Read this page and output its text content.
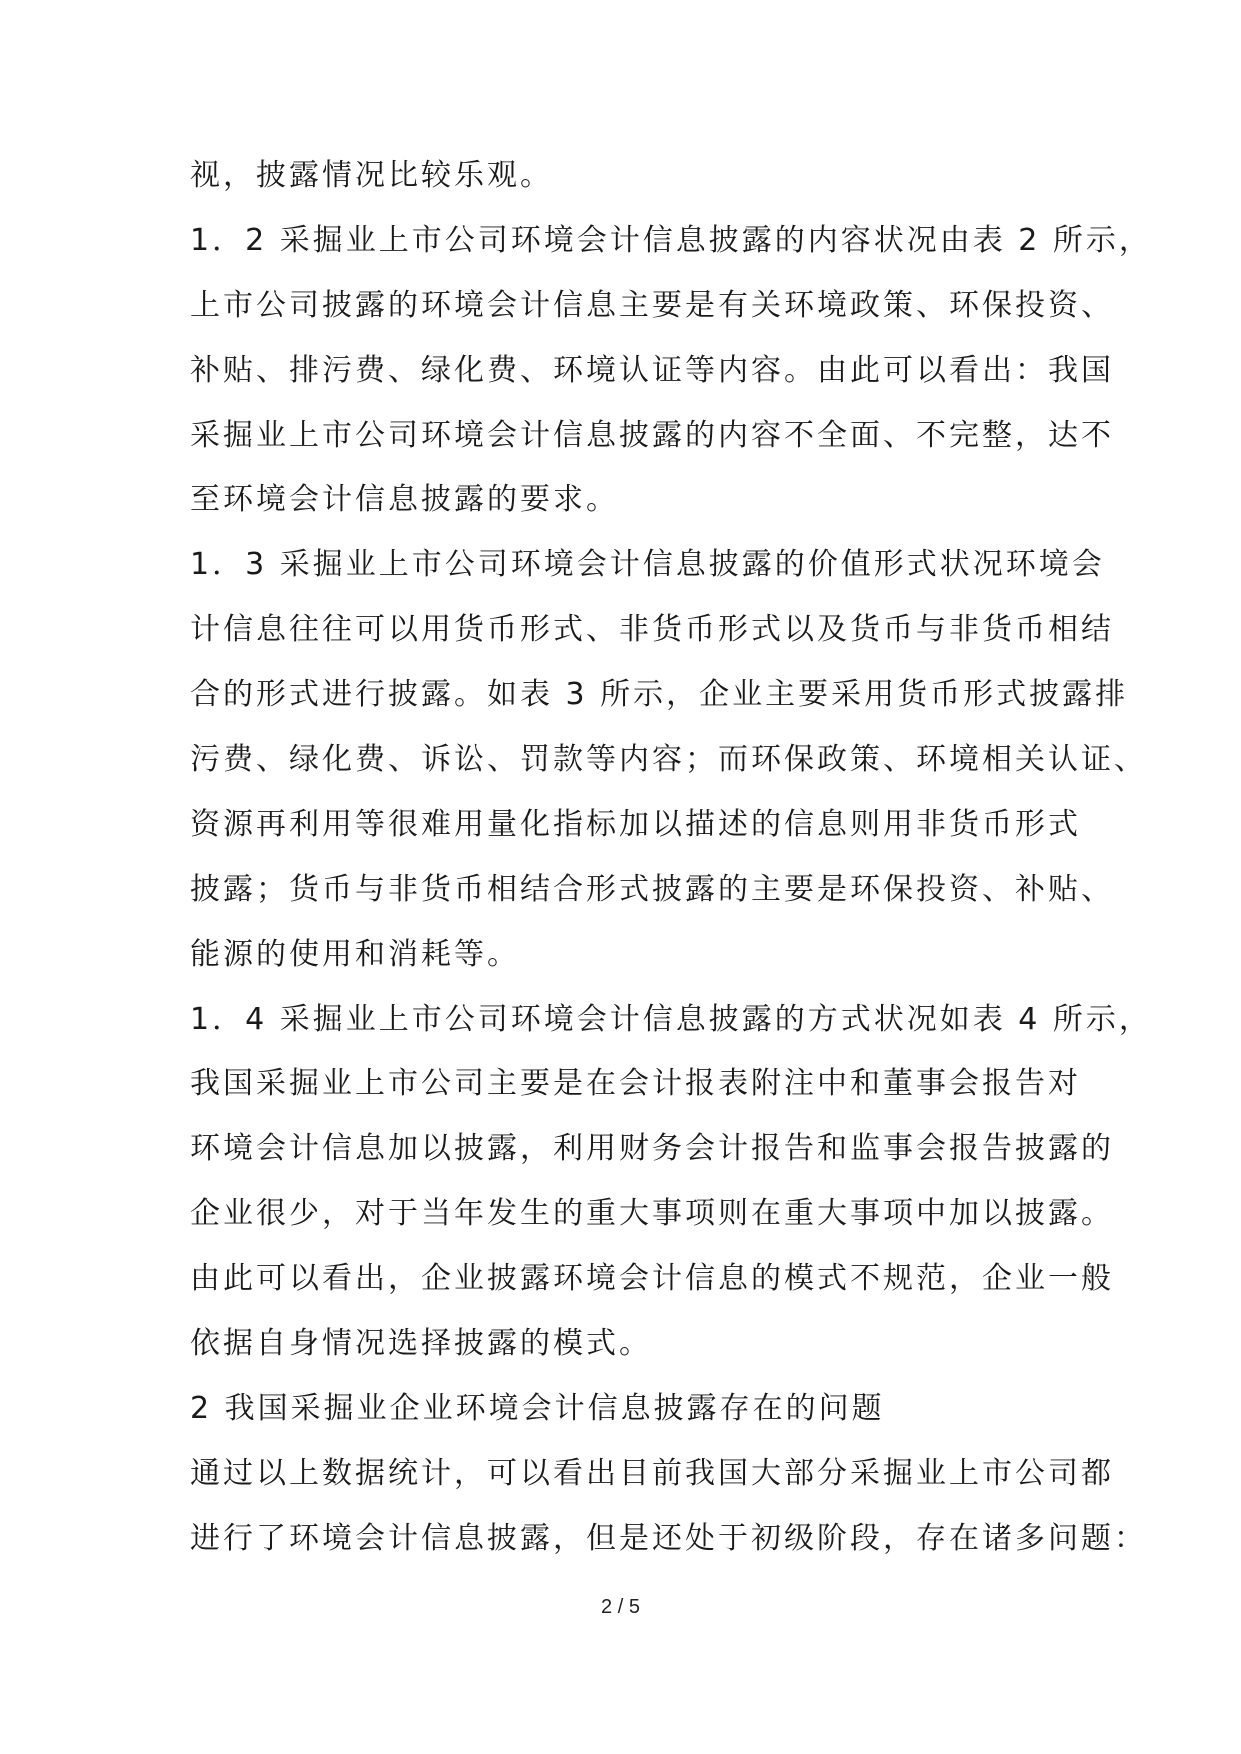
视，披露情况比较乐观。
1．2 采掘业上市公司环境会计信息披露的内容状况由表 2 所示，
上市公司披露的环境会计信息主要是有关环境政策、环保投资、
补贴、排污费、绿化费、环境认证等内容。由此可以看出：我国
采掘业上市公司环境会计信息披露的内容不全面、不完整，达不
至环境会计信息披露的要求。
1．3 采掘业上市公司环境会计信息披露的价值形式状况环境会
计信息往往可以用货币形式、非货币形式以及货币与非货币相结
合的形式进行披露。如表 3 所示，企业主要采用货币形式披露排
污费、绿化费、诉讼、罚款等内容；而环保政策、环境相关认证、
资源再利用等很难用量化指标加以描述的信息则用非货币形式
披露；货币与非货币相结合形式披露的主要是环保投资、补贴、
能源的使用和消耗等。
1．4 采掘业上市公司环境会计信息披露的方式状况如表 4 所示，
我国采掘业上市公司主要是在会计报表附注中和董事会报告对
环境会计信息加以披露，利用财务会计报告和监事会报告披露的
企业很少，对于当年发生的重大事项则在重大事项中加以披露。
由此可以看出，企业披露环境会计信息的模式不规范，企业一般
依据自身情况选择披露的模式。
2 我国采掘业企业环境会计信息披露存在的问题
通过以上数据统计，可以看出目前我国大部分采掘业上市公司都
进行了环境会计信息披露，但是还处于初级阶段，存在诸多问题：
2 / 5
